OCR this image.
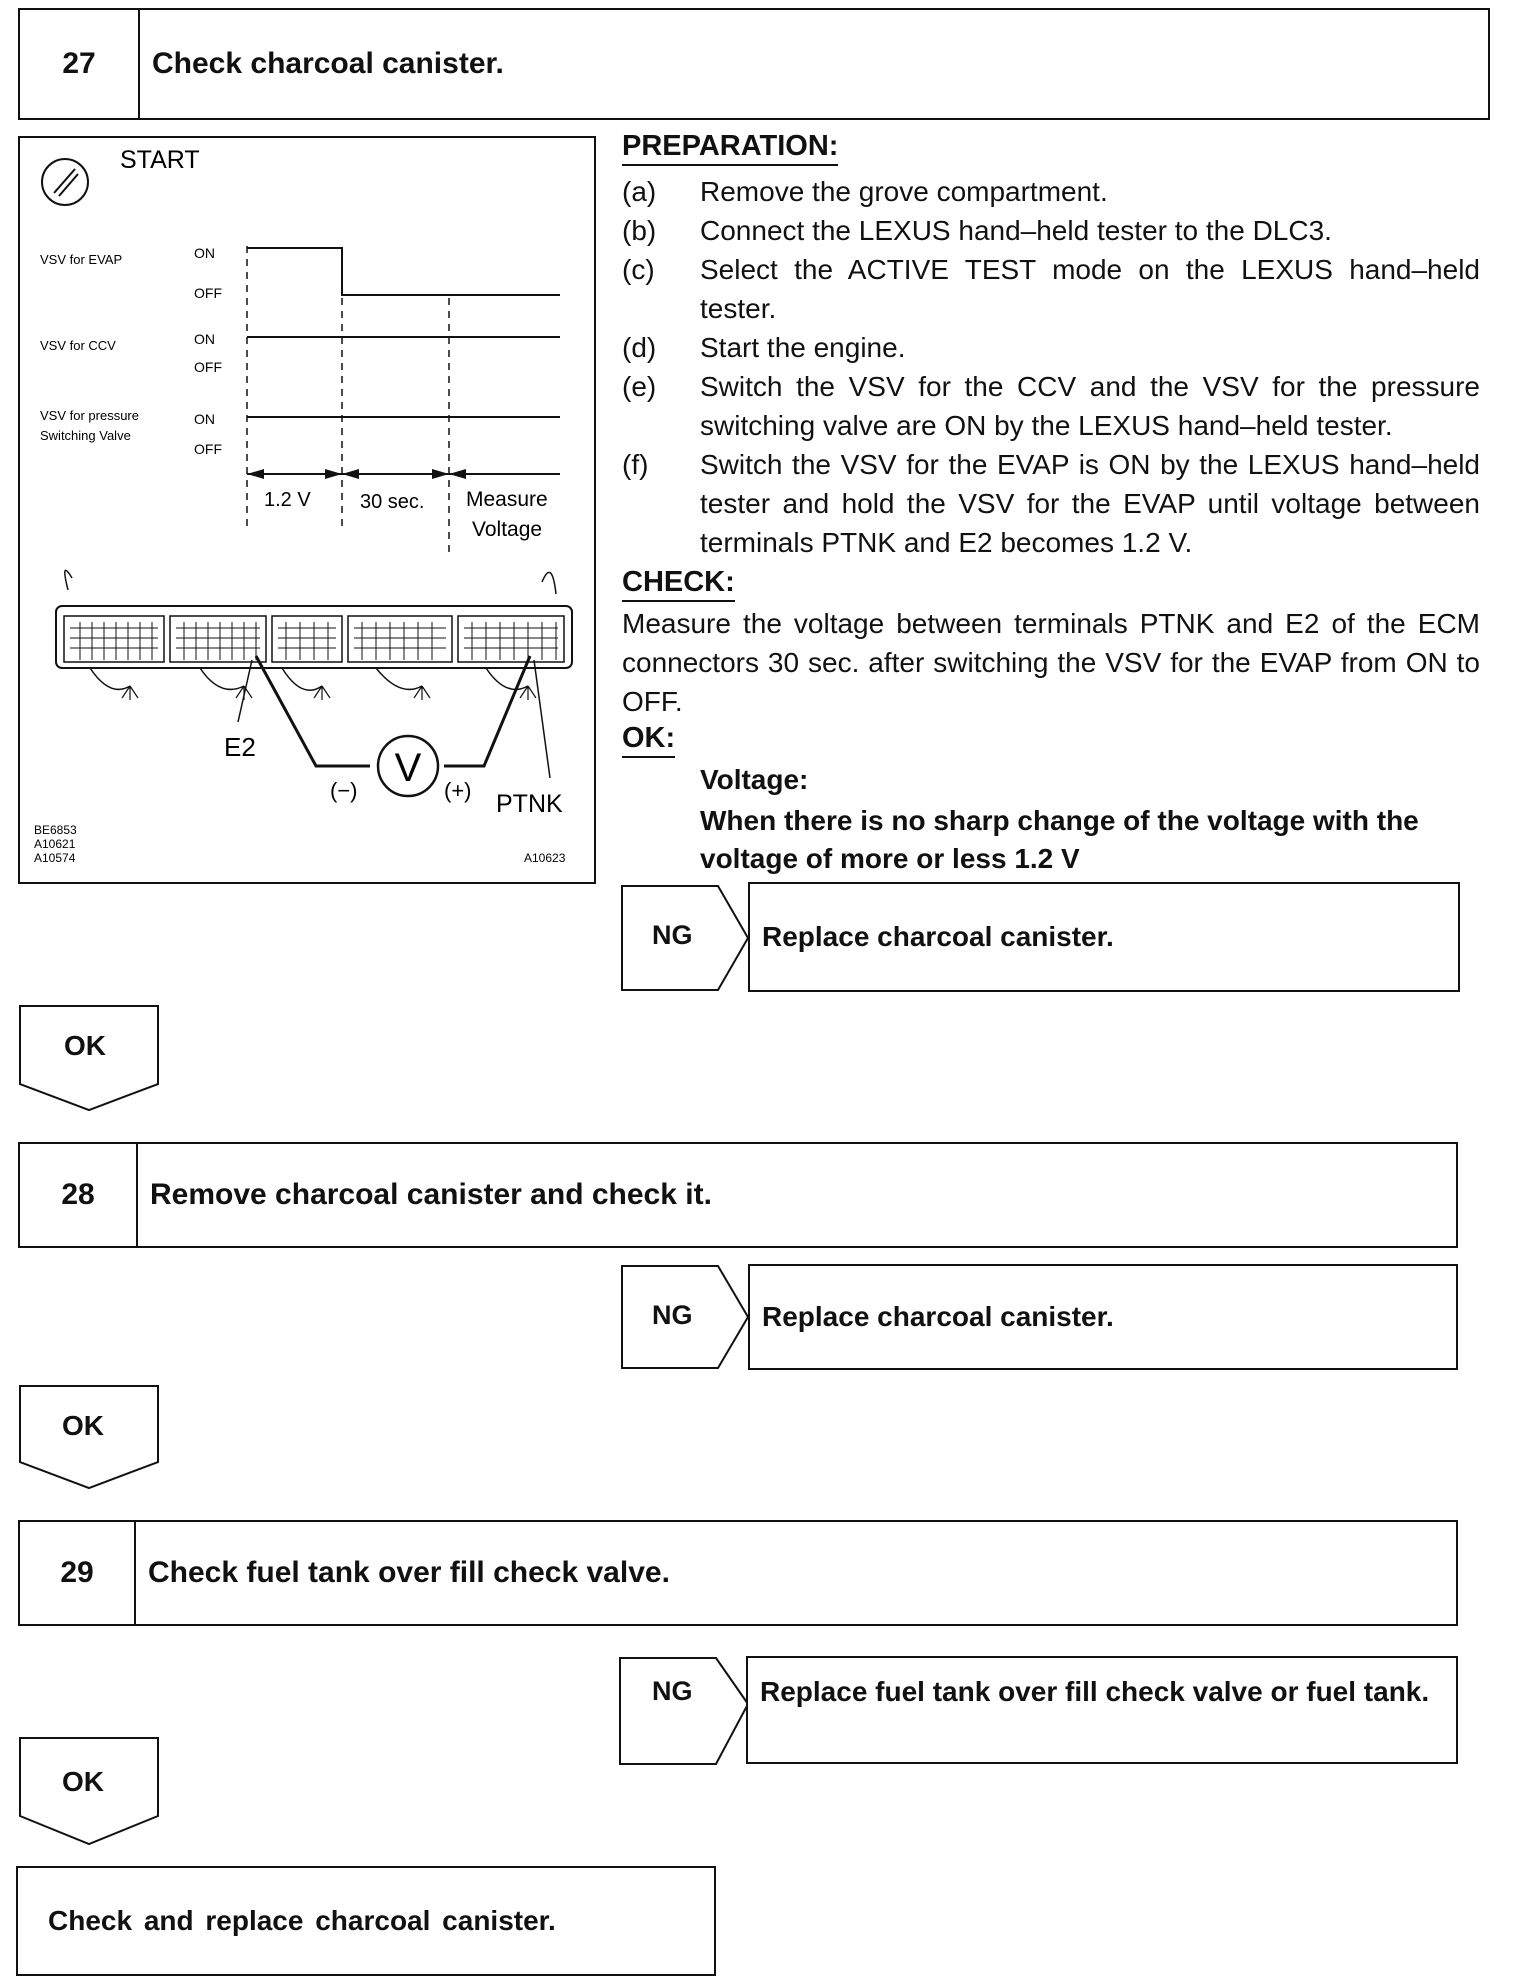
27	Check charcoal canister.
START
VSV for EVAP	ON
OFF
VSV for CCV	ON
OFF
VSV for pressure
Switching Valve
ON
OFF
1.2 V 30 sec. Measure
Voltage
V
(−)	(+)
E2
PTNK
BE6853
A10621
A10574	A10623
PREPARATION:
(a) Remove the grove compartment.
(b) Connect the LEXUS hand–held tester to the DLC3.
(c) Select the ACTIVE TEST mode on the LEXUS hand–held tester.
(d) Start the engine.
(e) Switch the VSV for the CCV and the VSV for the pressure switching valve are ON by the LEXUS hand–held tester.
(f) Switch the VSV for the EVAP is ON by the LEXUS hand–held tester and hold the VSV for the EVAP until voltage between terminals PTNK and E2 becomes 1.2 V.
CHECK:
Measure the voltage between terminals PTNK and E2 of the ECM connectors 30 sec. after switching the VSV for the EVAP from ON to OFF.
OK:
Voltage:
When there is no sharp change of the voltage with the voltage of more or less 1.2 V
NG Replace charcoal canister.
OK
28	Remove charcoal canister and check it.
NG Replace charcoal canister.
OK
29	Check fuel tank over fill check valve.
NG Replace fuel tank over fill check valve or fuel tank.
OK
Check and replace charcoal canister.
